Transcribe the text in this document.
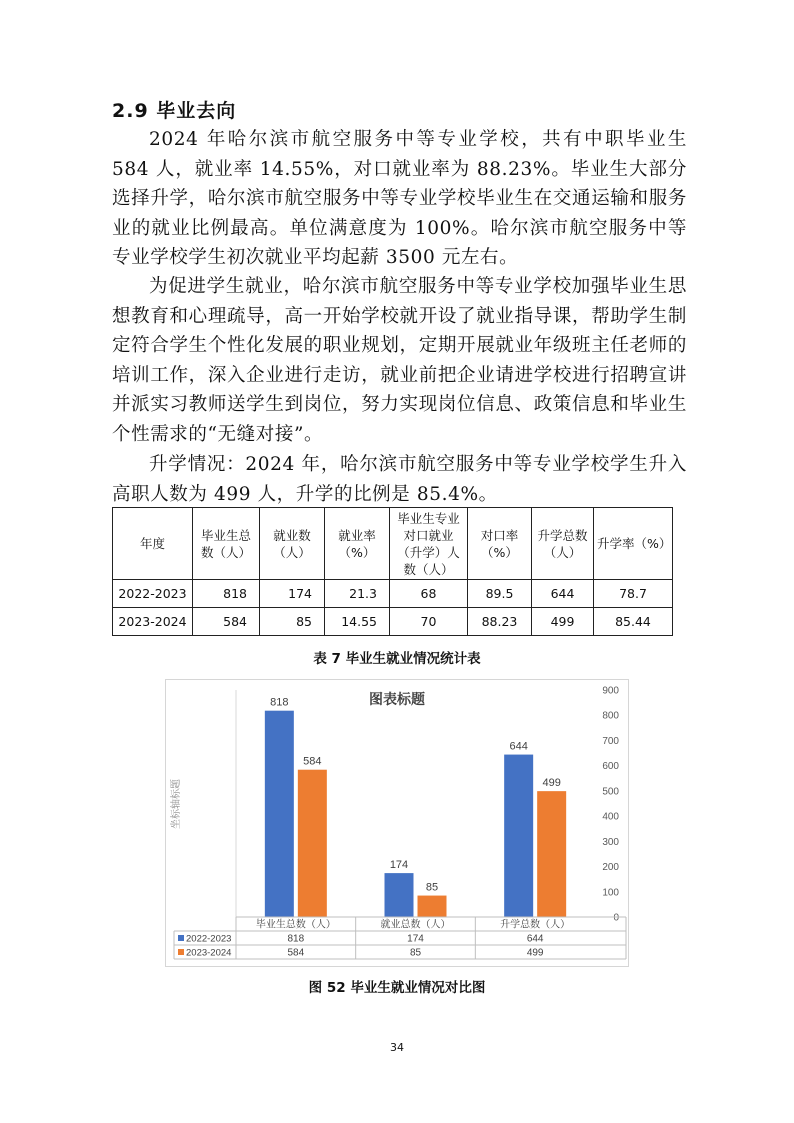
2.9 毕业去向

2024 年哈尔滨市航空服务中等专业学校，共有中职毕业生 584 人，就业率 14.55%，对口就业率为 88.23%。毕业生大部分选择升学，哈尔滨市航空服务中等专业学校毕业生在交通运输和服务业的就业比例最高。单位满意度为 100%。哈尔滨市航空服务中等专业学校学生初次就业平均起薪 3500 元左右。

为促进学生就业，哈尔滨市航空服务中等专业学校加强毕业生思想教育和心理疏导，高一开始学校就开设了就业指导课，帮助学生制定符合学生个性化发展的职业规划，定期开展就业年级班主任老师的培训工作，深入企业进行走访，就业前把企业请进学校进行招聘宣讲并派实习教师送学生到岗位，努力实现岗位信息、政策信息和毕业生个性需求的“无缝对接”。

升学情况：2024 年，哈尔滨市航空服务中等专业学校学生升入高职人数为 499 人，升学的比例是 85.4%。

年度	毕业生总数（人）	就业数（人）	就业率（%）	毕业生专业对口就业（升学）人数（人）	对口率（%）	升学总数（人）	升学率（%）
2022-2023	818	174	21.3	68	89.5	644	78.7
2023-2024	584	85	14.55	70	88.23	499	85.44
表 7 毕业生就业情况统计表
0
100
200
300
400
500
600
700
800
900
图表标题
坐标轴标题
818
174
644
584
85
499
毕业生总数（人）	就业总数（人）	升学总数（人）
2022-2023	818	174	644
2023-2024	584	85	499
图 52 毕业生就业情况对比图
34
